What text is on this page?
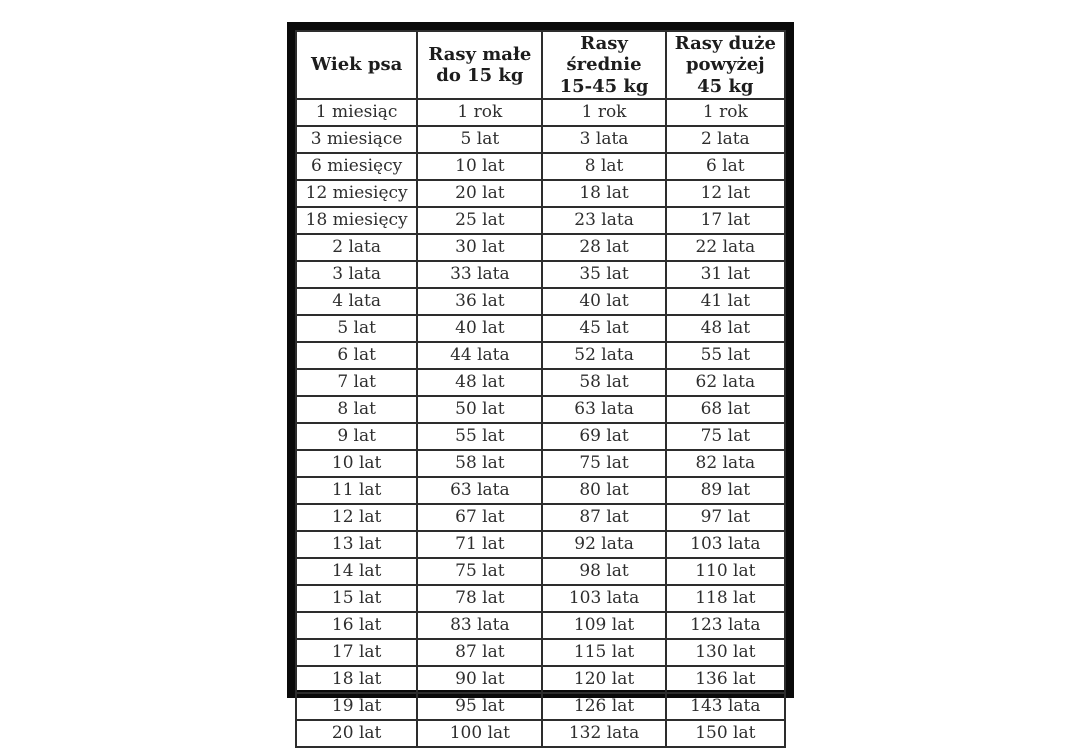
Wiek psa	Rasy małe do 15 kg	Rasy średnie 15-45 kg	Rasy duże powyżej 45 kg
1 miesiąc	1 rok	1 rok	1 rok
3 miesiące	5 lat	3 lata	2 lata
6 miesięcy	10 lat	8 lat	6 lat
12 miesięcy	20 lat	18 lat	12 lat
18 miesięcy	25 lat	23 lata	17 lat
2 lata	30 lat	28 lat	22 lata
3 lata	33 lata	35 lat	31 lat
4 lata	36 lat	40 lat	41 lat
5 lat	40 lat	45 lat	48 lat
6 lat	44 lata	52 lata	55 lat
7 lat	48 lat	58 lat	62 lata
8 lat	50 lat	63 lata	68 lat
9 lat	55 lat	69 lat	75 lat
10 lat	58 lat	75 lat	82 lata
11 lat	63 lata	80 lat	89 lat
12 lat	67 lat	87 lat	97 lat
13 lat	71 lat	92 lata	103 lata
14 lat	75 lat	98 lat	110 lat
15 lat	78 lat	103 lata	118 lat
16 lat	83 lata	109 lat	123 lata
17 lat	87 lat	115 lat	130 lat
18 lat	90 lat	120 lat	136 lat
19 lat	95 lat	126 lat	143 lata
20 lat	100 lat	132 lata	150 lat
